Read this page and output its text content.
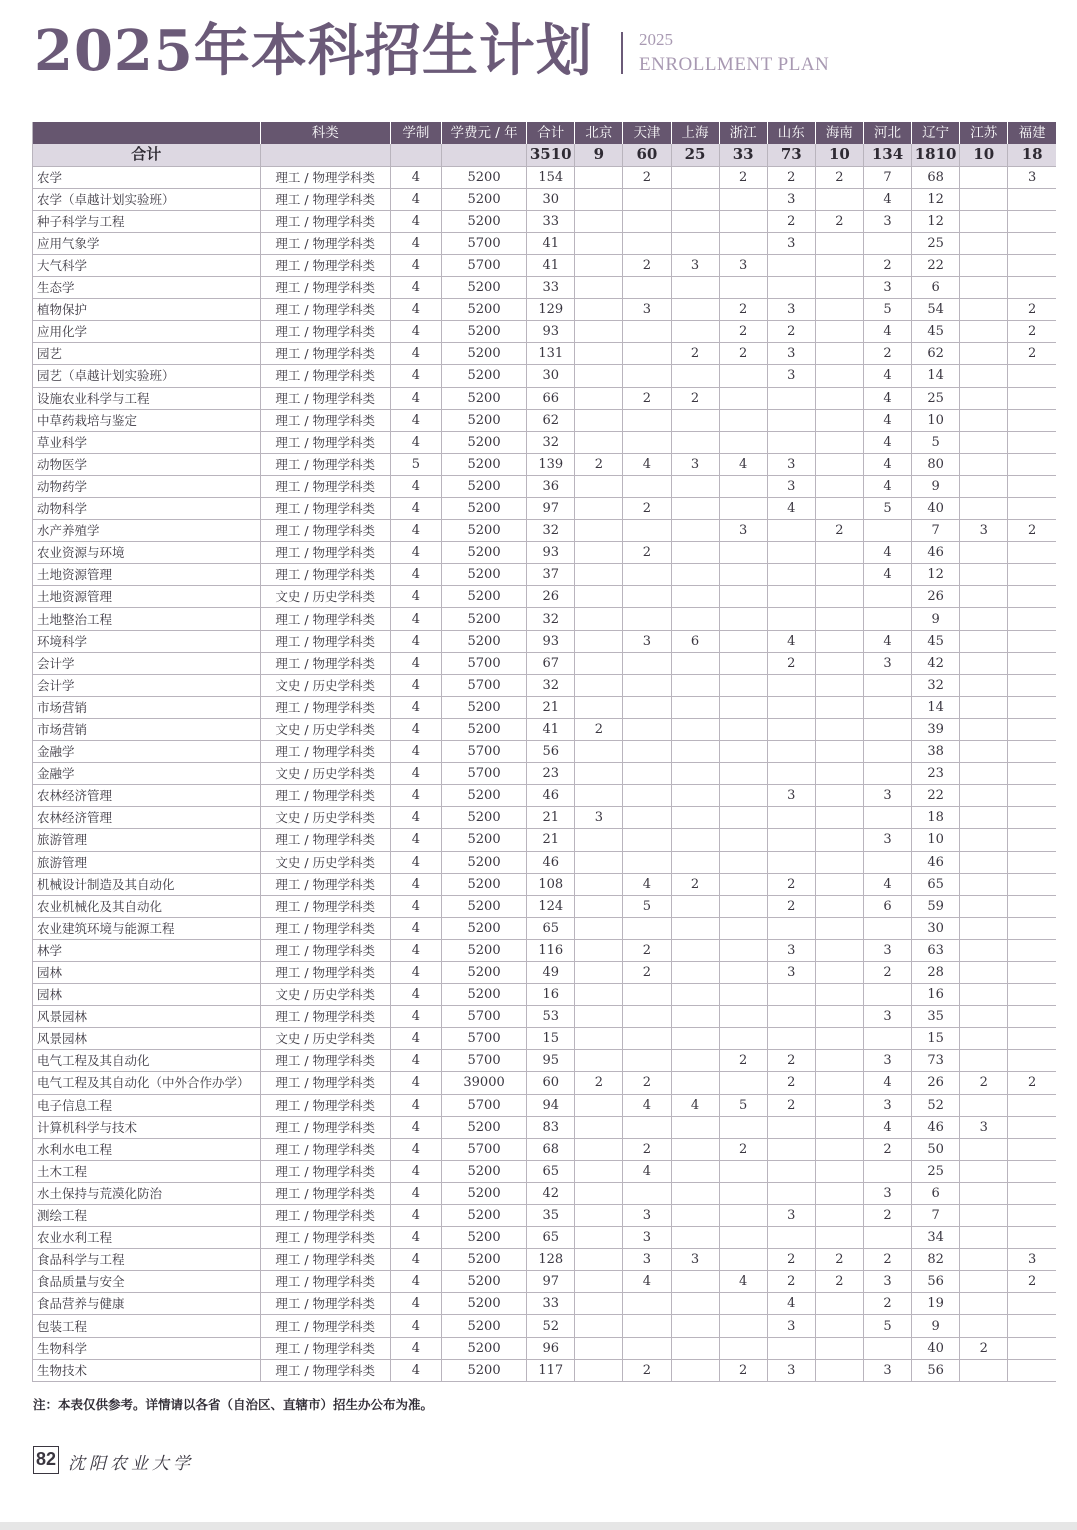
2025年本科招生计划	2025
ENROLLMENT PLAN
	科类	学制	学费元 / 年	合计	北京	天津	上海	浙江	山东	海南	河北	辽宁	江苏	福建
合计				3510	9	60	25	33	73	10	134	1810	10	18
农学	理工 / 物理学科类	4	5200	154		2		2	2	2	7	68		3
农学（卓越计划实验班）	理工 / 物理学科类	4	5200	30					3		4	12		
种子科学与工程	理工 / 物理学科类	4	5200	33					2	2	3	12		
应用气象学	理工 / 物理学科类	4	5700	41					3			25		
大气科学	理工 / 物理学科类	4	5700	41		2	3	3			2	22		
生态学	理工 / 物理学科类	4	5200	33							3	6		
植物保护	理工 / 物理学科类	4	5200	129		3		2	3		5	54		2
应用化学	理工 / 物理学科类	4	5200	93				2	2		4	45		2
园艺	理工 / 物理学科类	4	5200	131			2	2	3		2	62		2
园艺（卓越计划实验班）	理工 / 物理学科类	4	5200	30					3		4	14		
设施农业科学与工程	理工 / 物理学科类	4	5200	66		2	2				4	25		
中草药栽培与鉴定	理工 / 物理学科类	4	5200	62							4	10		
草业科学	理工 / 物理学科类	4	5200	32							4	5		
动物医学	理工 / 物理学科类	5	5200	139	2	4	3	4	3		4	80		
动物药学	理工 / 物理学科类	4	5200	36					3		4	9		
动物科学	理工 / 物理学科类	4	5200	97		2			4		5	40		
水产养殖学	理工 / 物理学科类	4	5200	32				3		2		7	3	2
农业资源与环境	理工 / 物理学科类	4	5200	93		2					4	46		
土地资源管理	理工 / 物理学科类	4	5200	37							4	12		
土地资源管理	文史 / 历史学科类	4	5200	26								26		
土地整治工程	理工 / 物理学科类	4	5200	32								9		
环境科学	理工 / 物理学科类	4	5200	93		3	6		4		4	45		
会计学	理工 / 物理学科类	4	5700	67					2		3	42		
会计学	文史 / 历史学科类	4	5700	32								32		
市场营销	理工 / 物理学科类	4	5200	21								14		
市场营销	文史 / 历史学科类	4	5200	41	2							39		
金融学	理工 / 物理学科类	4	5700	56								38		
金融学	文史 / 历史学科类	4	5700	23								23		
农林经济管理	理工 / 物理学科类	4	5200	46					3		3	22		
农林经济管理	文史 / 历史学科类	4	5200	21	3							18		
旅游管理	理工 / 物理学科类	4	5200	21							3	10		
旅游管理	文史 / 历史学科类	4	5200	46								46		
机械设计制造及其自动化	理工 / 物理学科类	4	5200	108		4	2		2		4	65		
农业机械化及其自动化	理工 / 物理学科类	4	5200	124		5			2		6	59		
农业建筑环境与能源工程	理工 / 物理学科类	4	5200	65								30		
林学	理工 / 物理学科类	4	5200	116		2			3		3	63		
园林	理工 / 物理学科类	4	5200	49		2			3		2	28		
园林	文史 / 历史学科类	4	5200	16								16		
风景园林	理工 / 物理学科类	4	5700	53							3	35		
风景园林	文史 / 历史学科类	4	5700	15								15		
电气工程及其自动化	理工 / 物理学科类	4	5700	95				2	2		3	73		
电气工程及其自动化（中外合作办学）	理工 / 物理学科类	4	39000	60	2	2			2		4	26	2	2
电子信息工程	理工 / 物理学科类	4	5700	94		4	4	5	2		3	52		
计算机科学与技术	理工 / 物理学科类	4	5200	83							4	46	3	
水利水电工程	理工 / 物理学科类	4	5700	68		2		2			2	50		
土木工程	理工 / 物理学科类	4	5200	65		4						25		
水土保持与荒漠化防治	理工 / 物理学科类	4	5200	42							3	6		
测绘工程	理工 / 物理学科类	4	5200	35		3			3		2	7		
农业水利工程	理工 / 物理学科类	4	5200	65		3						34		
食品科学与工程	理工 / 物理学科类	4	5200	128		3	3		2	2	2	82		3
食品质量与安全	理工 / 物理学科类	4	5200	97		4		4	2	2	3	56		2
食品营养与健康	理工 / 物理学科类	4	5200	33					4		2	19		
包装工程	理工 / 物理学科类	4	5200	52					3		5	9		
生物科学	理工 / 物理学科类	4	5200	96								40	2	
生物技术	理工 / 物理学科类	4	5200	117		2		2	3		3	56		
注：本表仅供参考。详情请以各省（自治区、直辖市）招生办公布为准。
82 沈阳农业大学
